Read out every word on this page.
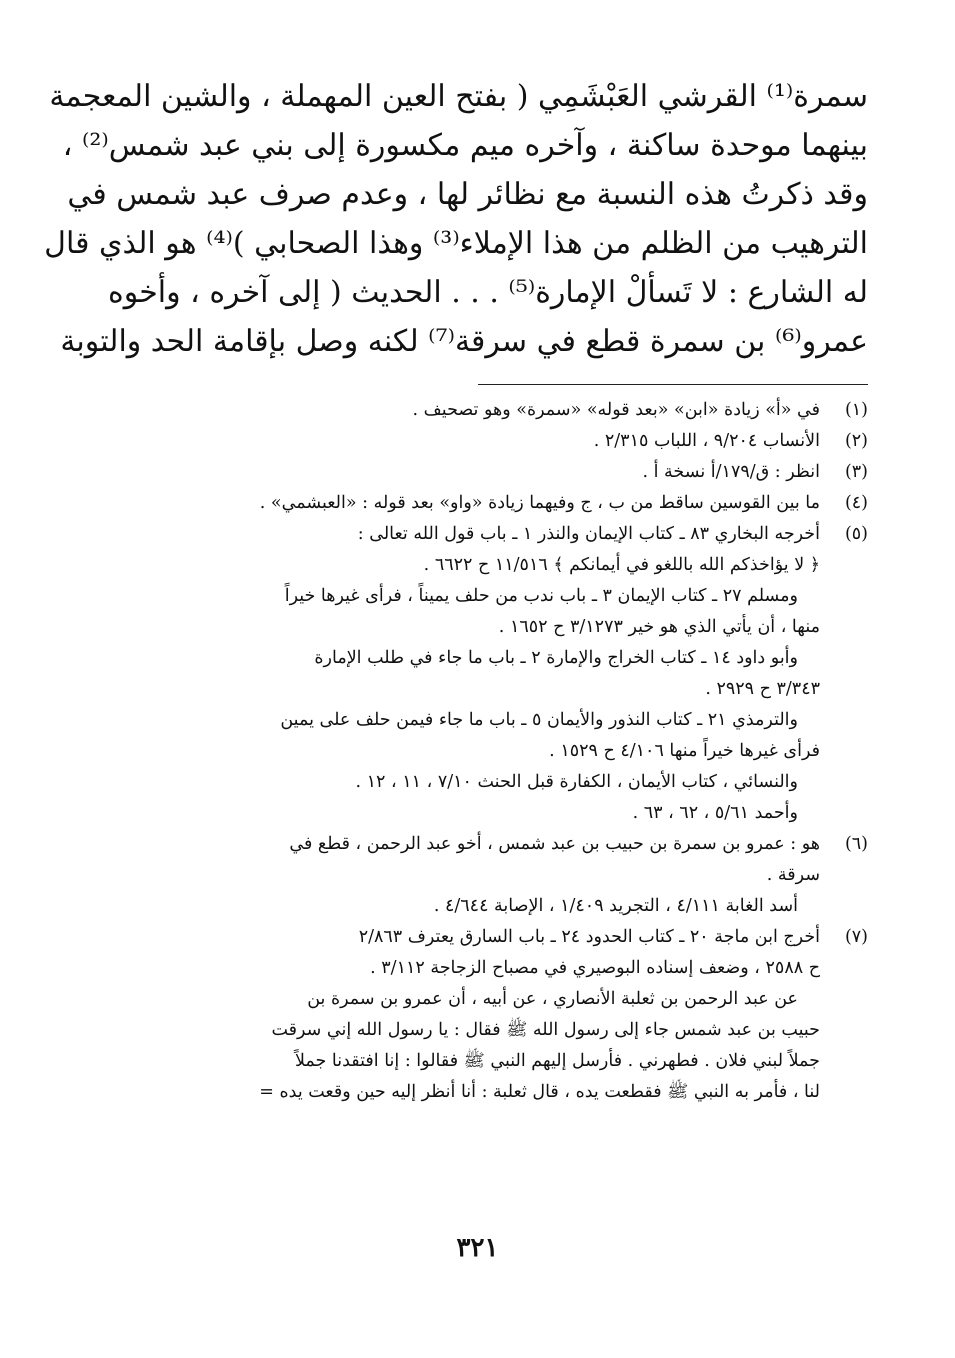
سمرة⁽¹⁾ القرشي العَبْشَمِي ( بفتح العين المهملة ، والشين المعجمة
بينهما موحدة ساكنة ، وآخره ميم مكسورة إلى بني عبد شمس⁽²⁾ ،
وقد ذكرتُ هذه النسبة مع نظائر لها ، وعدم صرف عبد شمس في
الترهيب من الظلم من هذا الإملاء⁽³⁾ وهذا الصحابي )⁽⁴⁾ هو الذي قال
له الشارع : لا تَسألْ الإمارة⁽⁵⁾ . . . الحديث ( إلى آخره ، وأخوه
عمرو⁽⁶⁾ بن سمرة قطع في سرقة⁽⁷⁾ لكنه وصل بإقامة الحد والتوبة
(١)
في «أ» زيادة «ابن» «بعد قوله» «سمرة» وهو تصحيف .
(٢)
الأنساب ٩/٢٠٤ ، اللباب ٢/٣١٥ .
(٣)
انظر : ق/١٧٩/أ نسخة أ .
(٤)
ما بين القوسين ساقط من ب ، ج وفيهما زيادة «واو» بعد قوله : «العبشمي» .
(٥)
أخرجه البخاري ٨٣ ـ كتاب الإيمان والنذر ١ ـ باب قول الله تعالى :
﴿ لا يؤاخذكم الله باللغو في أيمانكم ﴾ ١١/٥١٦ ح ٦٦٢٢ .
ومسلم ٢٧ ـ كتاب الإيمان ٣ ـ باب ندب من حلف يميناً ، فرأى غيرها خيراً
منها ، أن يأتي الذي هو خير ٣/١٢٧٣ ح ١٦٥٢ .
وأبو داود ١٤ ـ كتاب الخراج والإمارة ٢ ـ باب ما جاء في طلب الإمارة
٣/٣٤٣ ح ٢٩٢٩ .
والترمذي ٢١ ـ كتاب النذور والأيمان ٥ ـ باب ما جاء فيمن حلف على يمين
فرأى غيرها خيراً منها ٤/١٠٦ ح ١٥٢٩ .
والنسائي ، كتاب الأيمان ، الكفارة قبل الحنث ٧/١٠ ، ١١ ، ١٢ .
وأحمد ٥/٦١ ، ٦٢ ، ٦٣ .
(٦)
هو : عمرو بن سمرة بن حبيب بن عبد شمس ، أخو عبد الرحمن ، قطع في
سرقة .
أسد الغابة ٤/١١١ ، التجريد ١/٤٠٩ ، الإصابة ٤/٦٤٤ .
(٧)
أخرج ابن ماجة ٢٠ ـ كتاب الحدود ٢٤ ـ باب السارق يعترف ٢/٨٦٣
ح ٢٥٨٨ ، وضعف إسناده البوصيري في مصباح الزجاجة ٣/١١٢ .
عن عبد الرحمن بن ثعلبة الأنصاري ، عن أبيه ، أن عمرو بن سمرة بن
حبيب بن عبد شمس جاء إلى رسول الله ﷺ فقال : يا رسول الله إني سرقت
جملاً لبني فلان . فطهرني . فأرسل إليهم النبي ﷺ فقالوا : إنا افتقدنا جملاً
لنا ، فأمر به النبي ﷺ فقطعت يده ، قال ثعلبة : أنا أنظر إليه حين وقعت يده =
٣٢١
